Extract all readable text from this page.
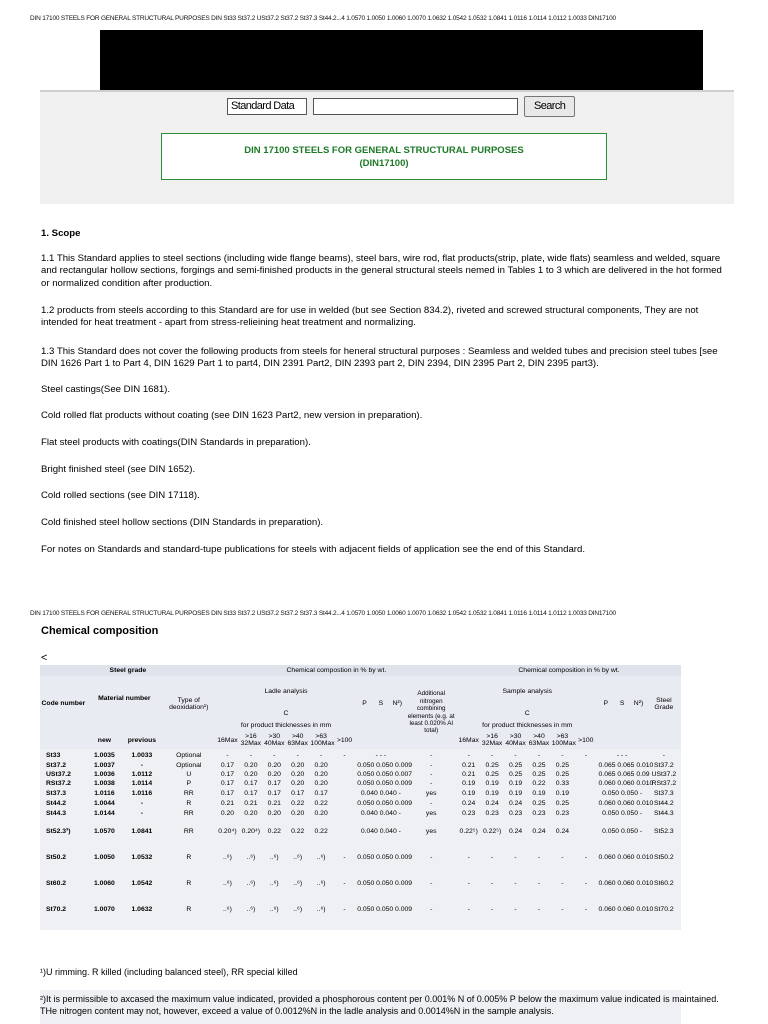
DIN 17100 STEELS FOR GENERAL STRUCTURAL PURPOSES DIN St33 St37.2 USt37.2 St37.2 St37.3 St44.2...4 1.0570 1.0050 1.0060 1.0070 1.0632 1.0542 1.0532 1.0841 1.0116 1.0114 1.0112 1.0033 DIN17100
Standard Data	Search
DIN 17100 STEELS FOR GENERAL STRUCTURAL PURPOSES
(DIN17100)
1. Scope
1.1 This Standard applies to steel sections (including wide flange beams), steel bars, wire rod, flat products(strip, plate, wide flats) seamless and welded, square and rectangular hollow sections, forgings and semi-finished products in the general structural steels nemed in Tables 1 to 3 which are delivered in the hot formed or normalized condition after production.
1.2 products from steels according to this Standard are for use in welded (but see Section 834.2), riveted and screwed structural components, They are not intended for heat treatment - apart from stress-relieining heat treatment and normalizing.
1.3 This Standard does not cover the following products from steels for heneral structural purposes : Seamless and welded tubes and precision steel tubes [see DIN 1626 Part 1 to Part 4, DIN 1629 Part 1 to part4, DIN 2391 Part2, DIN 2393 part 2, DIN 2394, DIN 2395 Part 2, DIN 2395 part3).
Steel castings(See DIN 1681).
Cold rolled flat products without coating (see DIN 1623 Part2, new version in preparation).
Flat steel products with coatings(DIN Standards in preparation).
Bright finished steel (see DIN 1652).
Cold rolled sections (see DIN 17118).
Cold finished steel hollow sections (DIN Standards in preparation).
For notes on Standards and standard-tupe publications for steels with adjacent fields of application see the end of this Standard.
DIN 17100 STEELS FOR GENERAL STRUCTURAL PURPOSES DIN St33 St37.2 USt37.2 St37.2 St37.3 St44.2...4 1.0570 1.0050 1.0060 1.0070 1.0632 1.0542 1.0532 1.0841 1.0116 1.0114 1.0112 1.0033 DIN17100
Chemical composition
<
Steel grade				Chemical compostion in % by wt.										Chemical composition in % by wt.									
Code number	Material number		Type of deoxidation¹)	Ladle analysis						P	S	N²)	Additional nitrogen combining elements (e.g. at least 0.020% Al total)	Sample analysis						P	S	N²)	Steel Grade
				C										C									
				for product thicknesses in mm										for product thicknesses in mm									
	new	previous		16Max	>16 32Max	>30 40Max	>40 63Max	>63 100Max	>100					16Max	>16 32Max	>30 40Max	>40 63Max	>63 100Max	>100				
St33	1.0035	1.0033	Optional	-	-	-	-	-	-	- - -			-	-	-	-	-	-	-	- - -			-
St37.2	1.0037	-	Optional	0.17	0.20	0.20	0.20	0.20		0.050 0.050 0.009			-	0.21	0.25	0.25	0.25	0.25		0.065 0.065 0.010			St37.2
USt37.2	1.0036	1.0112	U	0.17	0.20	0.20	0.20	0.20		0.050 0.050 0.007			-	0.21	0.25	0.25	0.25	0.25		0.065 0.065 0.09			USt37.2
RSt37.2	1.0038	1.0114	P	0.17	0.17	0.17	0.20	0.20		0.050 0.050 0.009			-	0.19	0.19	0.19	0.22	0.33		0.060 0.060 0.010			RSt37.2
St37.3	1.0116	1.0116	RR	0.17	0.17	0.17	0.17	0.17		0.040 0.040 -			yes	0.19	0.19	0.19	0.19	0.19		0.050 0.050 -			St37.3
St44.2	1.0044	-	R	0.21	0.21	0.21	0.22	0.22		0.050 0.050 0.009			-	0.24	0.24	0.24	0.25	0.25		0.060 0.060 0.010			St44.2
St44.3	1.0144	-	RR	0.20	0.20	0.20	0.20	0.20		0.040 0.040 -			yes	0.23	0.23	0.23	0.23	0.23		0.050 0.050 -			St44.3
St52.3³)	1.0570	1.0841	RR	0.20⁴)	0.20⁴)	0.22	0.22	0.22		0.040 0.040 -			yes	0.22⁵)	0.22⁵)	0.24	0.24	0.24		0.050 0.050 -			St52.3
St50.2	1.0050	1.0532	R	..⁶)	..⁶)	..⁶)	..⁶)	..⁶)	-	0.050 0.050 0.009			-	-	-	-	-	-	-	0.060 0.060 0.010			St50.2
St60.2	1.0060	1.0542	R	..⁶)	..⁶)	..⁶)	..⁶)	..⁶)	-	0.050 0.050 0.009			-	-	-	-	-	-	-	0.060 0.060 0.010			St60.2
St70.2	1.0070	1.0632	R	..⁶)	..⁶)	..⁶)	..⁶)	..⁶)	-	0.050 0.050 0.009			-	-	-	-	-	-	-	0.060 0.060 0.010			St70.2
¹)U rimming. R killed (including balanced steel), RR special killed
²)It is permissible to axcased the maximum value indicated, provided a phosphorous content per 0.001% N of 0.005% P below the maximum value indicated is maintained. THe nitrogen content may not, however, exceed a value of 0.0012%N in the ladle analysis and 0.0014%N in the sample analysis.
